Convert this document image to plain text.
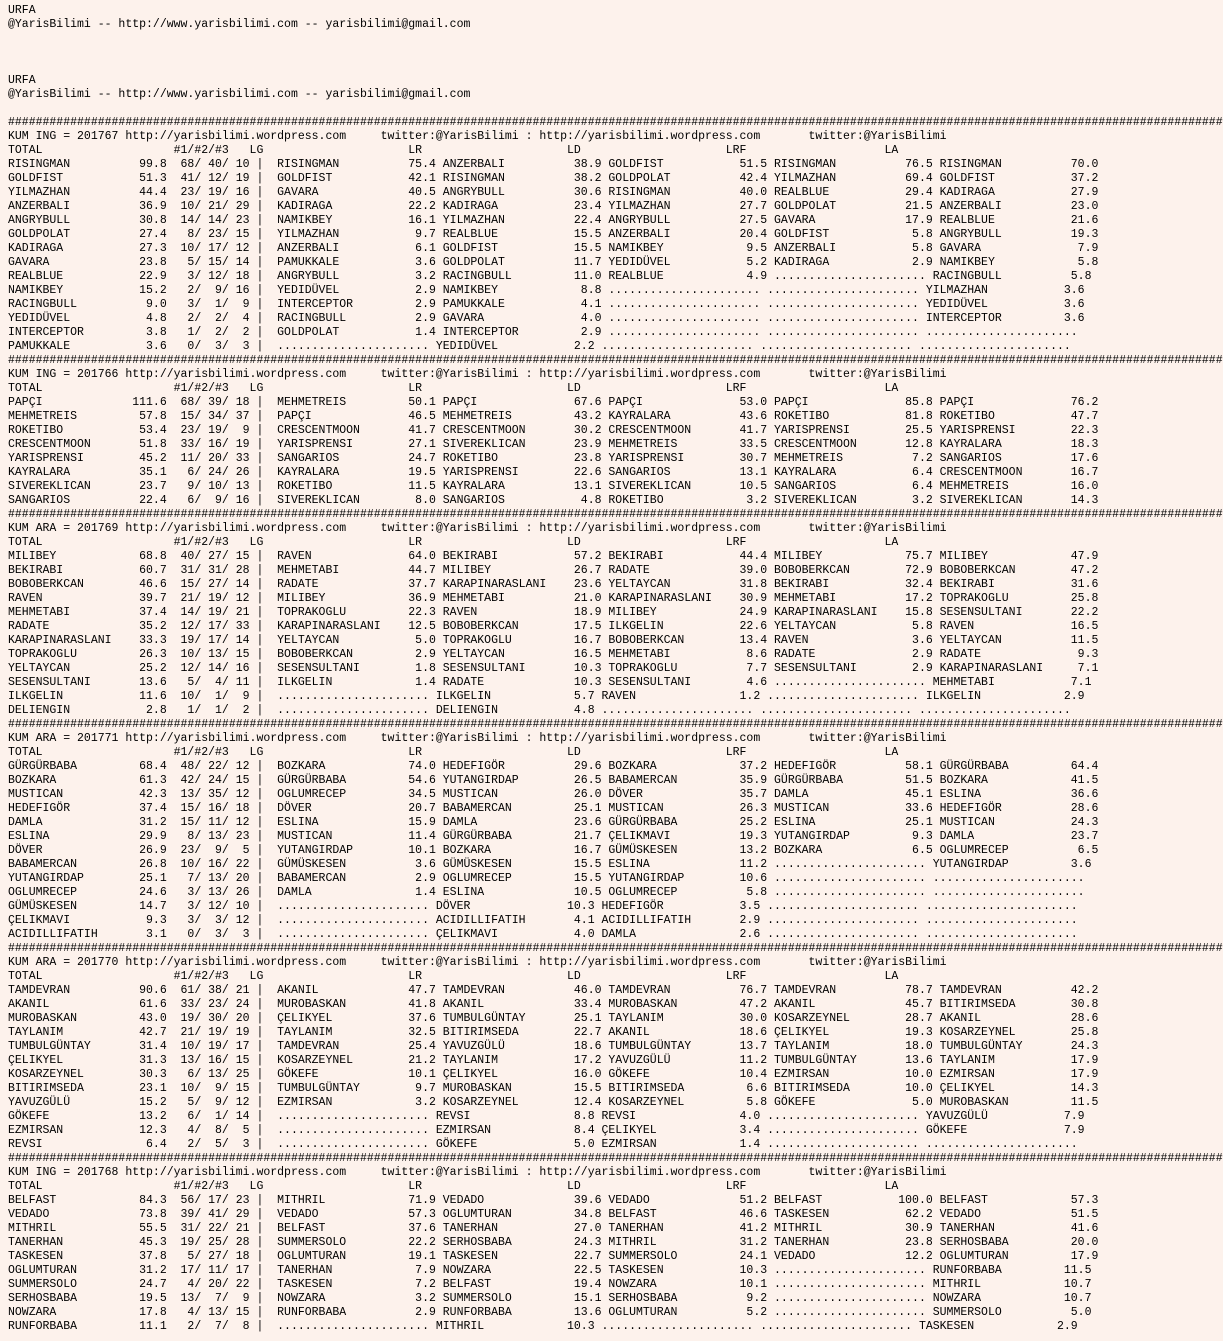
URFA
@YarisBilimi -- http://www.yarisbilimi.com -- yarisbilimi@gmail.com
URFA
@YarisBilimi -- http://www.yarisbilimi.com -- yarisbilimi@gmail.com
################################################################################################################################################################################
KUM ING = 201767 http://yarisbilimi.wordpress.com     twitter:@YarisBilimi : http://yarisbilimi.wordpress.com       twitter:@YarisBilimi
TOTAL                   #1/#2/#3   LG                     LR                     LD                     LRF                    LA
RISINGMAN          99.8  68/ 40/ 10 |  RISINGMAN          75.4 ANZERBALI          38.9 GOLDFIST           51.5 RISINGMAN          76.5 RISINGMAN          70.0
GOLDFIST           51.3  41/ 12/ 19 |  GOLDFIST           42.1 RISINGMAN          38.2 GOLDPOLAT          42.4 YILMAZHAN          69.4 GOLDFIST           37.2
YILMAZHAN          44.4  23/ 19/ 16 |  GAVARA             40.5 ANGRYBULL          30.6 RISINGMAN          40.0 REALBLUE           29.4 KADIRAGA           27.9
ANZERBALI          36.9  10/ 21/ 29 |  KADIRAGA           22.2 KADIRAGA           23.4 YILMAZHAN          27.7 GOLDPOLAT          21.5 ANZERBALI          23.0
ANGRYBULL          30.8  14/ 14/ 23 |  NAMIKBEY           16.1 YILMAZHAN          22.4 ANGRYBULL          27.5 GAVARA             17.9 REALBLUE           21.6
GOLDPOLAT          27.4   8/ 23/ 15 |  YILMAZHAN           9.7 REALBLUE           15.5 ANZERBALI          20.4 GOLDFIST            5.8 ANGRYBULL          19.3
KADIRAGA           27.3  10/ 17/ 12 |  ANZERBALI           6.1 GOLDFIST           15.5 NAMIKBEY            9.5 ANZERBALI           5.8 GAVARA              7.9
GAVARA             23.8   5/ 15/ 14 |  PAMUKKALE           3.6 GOLDPOLAT          11.7 YEDIDÜVEL           5.2 KADIRAGA            2.9 NAMIKBEY            5.8
REALBLUE           22.9   3/ 12/ 18 |  ANGRYBULL           3.2 RACINGBULL         11.0 REALBLUE            4.9 ...................... RACINGBULL          5.8
NAMIKBEY           15.2   2/  9/ 16 |  YEDIDÜVEL           2.9 NAMIKBEY            8.8 ...................... ...................... YILMAZHAN           3.6
RACINGBULL          9.0   3/  1/  9 |  INTERCEPTOR         2.9 PAMUKKALE           4.1 ...................... ...................... YEDIDÜVEL           3.6
YEDIDÜVEL           4.8   2/  2/  4 |  RACINGBULL          2.9 GAVARA              4.0 ...................... ...................... INTERCEPTOR         3.6
INTERCEPTOR         3.8   1/  2/  2 |  GOLDPOLAT           1.4 INTERCEPTOR         2.9 ...................... ...................... ......................
PAMUKKALE           3.6   0/  3/  3 |  ...................... YEDIDÜVEL           2.2 ...................... ...................... ......................
################################################################################################################################################################################
KUM ING = 201766 http://yarisbilimi.wordpress.com     twitter:@YarisBilimi : http://yarisbilimi.wordpress.com       twitter:@YarisBilimi
TOTAL                   #1/#2/#3   LG                     LR                     LD                     LRF                    LA
PAPÇI             111.6  68/ 39/ 18 |  MEHMETREIS         50.1 PAPÇI              67.6 PAPÇI              53.0 PAPÇI              85.8 PAPÇI              76.2
MEHMETREIS         57.8  15/ 34/ 37 |  PAPÇI              46.5 MEHMETREIS         43.2 KAYRALARA          43.6 ROKETIBO           81.8 ROKETIBO           47.7
ROKETIBO           53.4  23/ 19/  9 |  CRESCENTMOON       41.7 CRESCENTMOON       30.2 CRESCENTMOON       41.7 YARISPRENSI        25.5 YARISPRENSI        22.3
CRESCENTMOON       51.8  33/ 16/ 19 |  YARISPRENSI        27.1 SIVEREKLICAN       23.9 MEHMETREIS         33.5 CRESCENTMOON       12.8 KAYRALARA          18.3
YARISPRENSI        45.2  11/ 20/ 33 |  SANGARIOS          24.7 ROKETIBO           23.8 YARISPRENSI        30.7 MEHMETREIS          7.2 SANGARIOS          17.6
KAYRALARA          35.1   6/ 24/ 26 |  KAYRALARA          19.5 YARISPRENSI        22.6 SANGARIOS          13.1 KAYRALARA           6.4 CRESCENTMOON       16.7
SIVEREKLICAN       23.7   9/ 10/ 13 |  ROKETIBO           11.5 KAYRALARA          13.1 SIVEREKLICAN       10.5 SANGARIOS           6.4 MEHMETREIS         16.0
SANGARIOS          22.4   6/  9/ 16 |  SIVEREKLICAN        8.0 SANGARIOS           4.8 ROKETIBO            3.2 SIVEREKLICAN        3.2 SIVEREKLICAN       14.3
################################################################################################################################################################################
KUM ARA = 201769 http://yarisbilimi.wordpress.com     twitter:@YarisBilimi : http://yarisbilimi.wordpress.com       twitter:@YarisBilimi
TOTAL                   #1/#2/#3   LG                     LR                     LD                     LRF                    LA
MILIBEY            68.8  40/ 27/ 15 |  RAVEN              64.0 BEKIRABI           57.2 BEKIRABI           44.4 MILIBEY            75.7 MILIBEY            47.9
BEKIRABI           60.7  31/ 31/ 28 |  MEHMETABI          44.7 MILIBEY            26.7 RADATE             39.0 BOBOBERKCAN        72.9 BOBOBERKCAN        47.2
BOBOBERKCAN        46.6  15/ 27/ 14 |  RADATE             37.7 KARAPINARASLANI    23.6 YELTAYCAN          31.8 BEKIRABI           32.4 BEKIRABI           31.6
RAVEN              39.7  21/ 19/ 12 |  MILIBEY            36.9 MEHMETABI          21.0 KARAPINARASLANI    30.9 MEHMETABI          17.2 TOPRAKOGLU         25.8
MEHMETABI          37.4  14/ 19/ 21 |  TOPRAKOGLU         22.3 RAVEN              18.9 MILIBEY            24.9 KARAPINARASLANI    15.8 SESENSULTANI       22.2
RADATE             35.2  12/ 17/ 33 |  KARAPINARASLANI    12.5 BOBOBERKCAN        17.5 ILKGELIN           22.6 YELTAYCAN           5.8 RAVEN              16.5
KARAPINARASLANI    33.3  19/ 17/ 14 |  YELTAYCAN           5.0 TOPRAKOGLU         16.7 BOBOBERKCAN        13.4 RAVEN               3.6 YELTAYCAN          11.5
TOPRAKOGLU         26.3  10/ 13/ 15 |  BOBOBERKCAN         2.9 YELTAYCAN          16.5 MEHMETABI           8.6 RADATE              2.9 RADATE              9.3
YELTAYCAN          25.2  12/ 14/ 16 |  SESENSULTANI        1.8 SESENSULTANI       10.3 TOPRAKOGLU          7.7 SESENSULTANI        2.9 KARAPINARASLANI     7.1
SESENSULTANI       13.6   5/  4/ 11 |  ILKGELIN            1.4 RADATE             10.3 SESENSULTANI        4.6 ...................... MEHMETABI           7.1
ILKGELIN           11.6  10/  1/  9 |  ...................... ILKGELIN            5.7 RAVEN               1.2 ...................... ILKGELIN            2.9
DELIENGIN           2.8   1/  1/  2 |  ...................... DELIENGIN           4.8 ...................... ...................... ......................
################################################################################################################################################################################
KUM ARA = 201771 http://yarisbilimi.wordpress.com     twitter:@YarisBilimi : http://yarisbilimi.wordpress.com       twitter:@YarisBilimi
TOTAL                   #1/#2/#3   LG                     LR                     LD                     LRF                    LA
GÜRGÜRBABA         68.4  48/ 22/ 12 |  BOZKARA            74.0 HEDEFIGÖR          29.6 BOZKARA            37.2 HEDEFIGÖR          58.1 GÜRGÜRBABA         64.4
BOZKARA            61.3  42/ 24/ 15 |  GÜRGÜRBABA         54.6 YUTANGIRDAP        26.5 BABAMERCAN         35.9 GÜRGÜRBABA         51.5 BOZKARA            41.5
MUSTICAN           42.3  13/ 35/ 12 |  OGLUMRECEP         34.5 MUSTICAN           26.0 DÖVER              35.7 DAMLA              45.1 ESLINA             36.6
HEDEFIGÖR          37.4  15/ 16/ 18 |  DÖVER              20.7 BABAMERCAN         25.1 MUSTICAN           26.3 MUSTICAN           33.6 HEDEFIGÖR          28.6
DAMLA              31.2  15/ 11/ 12 |  ESLINA             15.9 DAMLA              23.6 GÜRGÜRBABA         25.2 ESLINA             25.1 MUSTICAN           24.3
ESLINA             29.9   8/ 13/ 23 |  MUSTICAN           11.4 GÜRGÜRBABA         21.7 ÇELIKMAVI          19.3 YUTANGIRDAP         9.3 DAMLA              23.7
DÖVER              26.9  23/  9/  5 |  YUTANGIRDAP        10.1 BOZKARA            16.7 GÜMÜSKESEN         13.2 BOZKARA             6.5 OGLUMRECEP          6.5
BABAMERCAN         26.8  10/ 16/ 22 |  GÜMÜSKESEN          3.6 GÜMÜSKESEN         15.5 ESLINA             11.2 ...................... YUTANGIRDAP         3.6
YUTANGIRDAP        25.1   7/ 13/ 20 |  BABAMERCAN          2.9 OGLUMRECEP         15.5 YUTANGIRDAP        10.6 ...................... ......................
OGLUMRECEP         24.6   3/ 13/ 26 |  DAMLA               1.4 ESLINA             10.5 OGLUMRECEP          5.8 ...................... ......................
GÜMÜSKESEN         14.7   3/ 12/ 10 |  ...................... DÖVER              10.3 HEDEFIGÖR           3.5 ...................... ......................
ÇELIKMAVI           9.3   3/  3/ 12 |  ...................... ACIDILLIFATIH       4.1 ACIDILLIFATIH       2.9 ...................... ......................
ACIDILLIFATIH       3.1   0/  3/  3 |  ...................... ÇELIKMAVI           4.0 DAMLA               2.6 ...................... ......................
################################################################################################################################################################################
KUM ARA = 201770 http://yarisbilimi.wordpress.com     twitter:@YarisBilimi : http://yarisbilimi.wordpress.com       twitter:@YarisBilimi
TOTAL                   #1/#2/#3   LG                     LR                     LD                     LRF                    LA
TAMDEVRAN          90.6  61/ 38/ 21 |  AKANIL             47.7 TAMDEVRAN          46.0 TAMDEVRAN          76.7 TAMDEVRAN          78.7 TAMDEVRAN          42.2
AKANIL             61.6  33/ 23/ 24 |  MUROBASKAN         41.8 AKANIL             33.4 MUROBASKAN         47.2 AKANIL             45.7 BITIRIMSEDA        30.8
MUROBASKAN         43.0  19/ 30/ 20 |  ÇELIKYEL           37.6 TUMBULGÜNTAY       25.1 TAYLANIM           30.0 KOSARZEYNEL        28.7 AKANIL             28.6
TAYLANIM           42.7  21/ 19/ 19 |  TAYLANIM           32.5 BITIRIMSEDA        22.7 AKANIL             18.6 ÇELIKYEL           19.3 KOSARZEYNEL        25.8
TUMBULGÜNTAY       31.4  10/ 19/ 17 |  TAMDEVRAN          25.4 YAVUZGÜLÜ          18.6 TUMBULGÜNTAY       13.7 TAYLANIM           18.0 TUMBULGÜNTAY       24.3
ÇELIKYEL           31.3  13/ 16/ 15 |  KOSARZEYNEL        21.2 TAYLANIM           17.2 YAVUZGÜLÜ          11.2 TUMBULGÜNTAY       13.6 TAYLANIM           17.9
KOSARZEYNEL        30.3   6/ 13/ 25 |  GÖKEFE             10.1 ÇELIKYEL           16.0 GÖKEFE             10.4 EZMIRSAN           10.0 EZMIRSAN           17.9
BITIRIMSEDA        23.1  10/  9/ 15 |  TUMBULGÜNTAY        9.7 MUROBASKAN         15.5 BITIRIMSEDA         6.6 BITIRIMSEDA        10.0 ÇELIKYEL           14.3
YAVUZGÜLÜ          15.2   5/  9/ 12 |  EZMIRSAN            3.2 KOSARZEYNEL        12.4 KOSARZEYNEL         5.8 GÖKEFE              5.0 MUROBASKAN         11.5
GÖKEFE             13.2   6/  1/ 14 |  ...................... REVSI               8.8 REVSI               4.0 ...................... YAVUZGÜLÜ           7.9
EZMIRSAN           12.3   4/  8/  5 |  ...................... EZMIRSAN            8.4 ÇELIKYEL            3.4 ...................... GÖKEFE              7.9
REVSI               6.4   2/  5/  3 |  ...................... GÖKEFE              5.0 EZMIRSAN            1.4 ...................... ......................
################################################################################################################################################################################
KUM ING = 201768 http://yarisbilimi.wordpress.com     twitter:@YarisBilimi : http://yarisbilimi.wordpress.com       twitter:@YarisBilimi
TOTAL                   #1/#2/#3   LG                     LR                     LD                     LRF                    LA
BELFAST            84.3  56/ 17/ 23 |  MITHRIL            71.9 VEDADO             39.6 VEDADO             51.2 BELFAST           100.0 BELFAST            57.3
VEDADO             73.8  39/ 41/ 29 |  VEDADO             57.3 OGLUMTURAN         34.8 BELFAST            46.6 TASKESEN           62.2 VEDADO             51.5
MITHRIL            55.5  31/ 22/ 21 |  BELFAST            37.6 TANERHAN           27.0 TANERHAN           41.2 MITHRIL            30.9 TANERHAN           41.6
TANERHAN           45.3  19/ 25/ 28 |  SUMMERSOLO         22.2 SERHOSBABA         24.3 MITHRIL            31.2 TANERHAN           23.8 SERHOSBABA         20.0
TASKESEN           37.8   5/ 27/ 18 |  OGLUMTURAN         19.1 TASKESEN           22.7 SUMMERSOLO         24.1 VEDADO             12.2 OGLUMTURAN         17.9
OGLUMTURAN         31.2  17/ 11/ 17 |  TANERHAN            7.9 NOWZARA            22.5 TASKESEN           10.3 ...................... RUNFORBABA         11.5
SUMMERSOLO         24.7   4/ 20/ 22 |  TASKESEN            7.2 BELFAST            19.4 NOWZARA            10.1 ...................... MITHRIL            10.7
SERHOSBABA         19.5  13/  7/  9 |  NOWZARA             3.2 SUMMERSOLO         15.1 SERHOSBABA          9.2 ...................... NOWZARA            10.7
NOWZARA            17.8   4/ 13/ 15 |  RUNFORBABA          2.9 RUNFORBABA         13.6 OGLUMTURAN          5.2 ...................... SUMMERSOLO          5.0
RUNFORBABA         11.1   2/  7/  8 |  ...................... MITHRIL            10.3 ...................... ...................... TASKESEN            2.9
